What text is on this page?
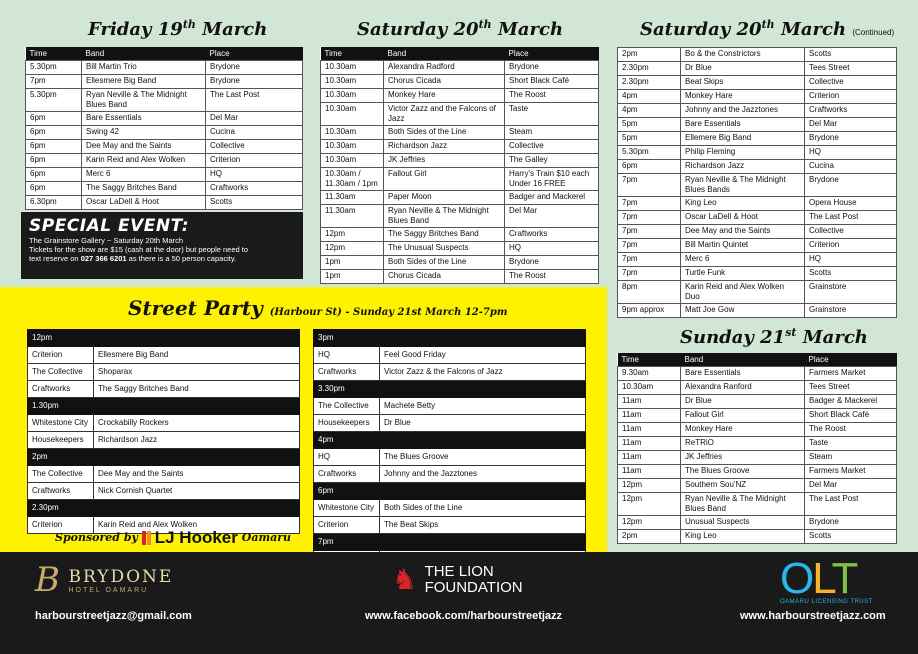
Friday 19th March
Time	Band	Place
5.30pm	Bill Martin Trio	Brydone
7pm	Ellesmere Big Band	Brydone
5.30pm	Ryan Neville & The Midnight Blues Band	The Last Post
6pm	Bare Essentials	Del Mar
6pm	Swing 42	Cucina
6pm	Dee May and the Saints	Collective
6pm	Karin Reid and Alex Wolken	Criterion
6pm	Merc 6	HQ
6pm	The Saggy Britches Band	Craftworks
6.30pm	Oscar LaDell & Hoot	Scotts
Saturday 20th March
Time	Band	Place
10.30am	Alexandra Radford	Brydone
10.30am	Chorus Cicada	Short Black Café
10.30am	Monkey Hare	The Roost
10.30am	Victor Zazz and the Falcons of Jazz	Taste
10.30am	Both Sides of the Line	Steam
10.30am	Richardson Jazz	Collective
10.30am	JK Jeffries	The Galley
10.30am / 11.30am / 1pm	Fallout Girl	Harry's Train $10 each Under 16 FREE
11.30am	Paper Moon	Badger and Mackerel
11.30am	Ryan Neville & The Midnight Blues Band	Del Mar
12pm	The Saggy Britches Band	Craftworks
12pm	The Unusual Suspects	HQ
1pm	Both Sides of the Line	Brydone
1pm	Chorus Cicada	The Roost
Saturday 20th March (Continued)
2pm	Bo & the Constrictors	Scotts
2.30pm	Dr Blue	Tees Street
2.30pm	Beat Skips	Collective
4pm	Monkey Hare	Criterion
4pm	Johnny and the Jazztones	Craftworks
5pm	Bare Essentials	Del Mar
5pm	Ellemere Big Band	Brydone
5.30pm	Philip Fleming	HQ
6pm	Richardson Jazz	Cucina
7pm	Ryan Neville & The Midnight Blues Bands	Brydone
7pm	King Leo	Opera House
7pm	Oscar LaDell & Hoot	The Last Post
7pm	Dee May and the Saints	Collective
7pm	Bill Martin Quintet	Criterion
7pm	Merc 6	HQ
7pm	Turtle Funk	Scotts
8pm	Karin Reid and Alex Wolken Duo	Grainstore
9pm approx	Matt Joe Gow	Grainstore
Sunday 21st March
Time	Band	Place
9.30am	Bare Essentials	Farmers Market
10.30am	Alexandra Ranford	Tees Street
11am	Dr Blue	Badger & Mackerel
11am	Fallout Girl	Short Black Café
11am	Monkey Hare	The Roost
11am	ReTRiO	Taste
11am	JK Jeffries	Steam
11am	The Blues Groove	Farmers Market
12pm	Southern Sou'NZ	Del Mar
12pm	Ryan Neville & The Midnight Blues Band	The Last Post
12pm	Unusual Suspects	Brydone
2pm	King Leo	Scotts
SPECIAL EVENT:
The Grainstore Gallery ~ Saturday 20th March
Tickets for the show are $15 (cash at the door) but people need to
text reserve on 027 366 6201 as there is a 50 person capacity.
Street Party (Harbour St) - Sunday 21st March 12-7pm
12pm	
Criterion	Ellesmere Big Band
The Collective	Shoparax
Craftworks	The Saggy Britches Band
1.30pm	
Whitestone City	Crockabilly Rockers
Housekeepers	Richardson Jazz
2pm	
The Collective	Dee May and the Saints
Craftworks	Nick Cornish Quartet
2.30pm	
Criterion	Karin Reid and Alex Wolken
3pm	
HQ	Feel Good Friday
Craftworks	Victor Zazz & the Falcons of Jazz
3.30pm	
The Collective	Machete Betty
Housekeepers	Dr Blue
4pm	
HQ	The Blues Groove
Craftworks	Johnny and the Jazztones
6pm	
Whitestone City	Both Sides of the Line
Criterion	The Beat Skips
7pm	

Sponsored by LJ Hooker Oamaru
B BRYDONE
HOTEL OAMARU	♞ THE LION
FOUNDATION	OLT
OAMARU LICENSING TRUST
harbourstreetjazz@gmail.com	www.facebook.com/harbourstreetjazz	www.harbourstreetjazz.com
